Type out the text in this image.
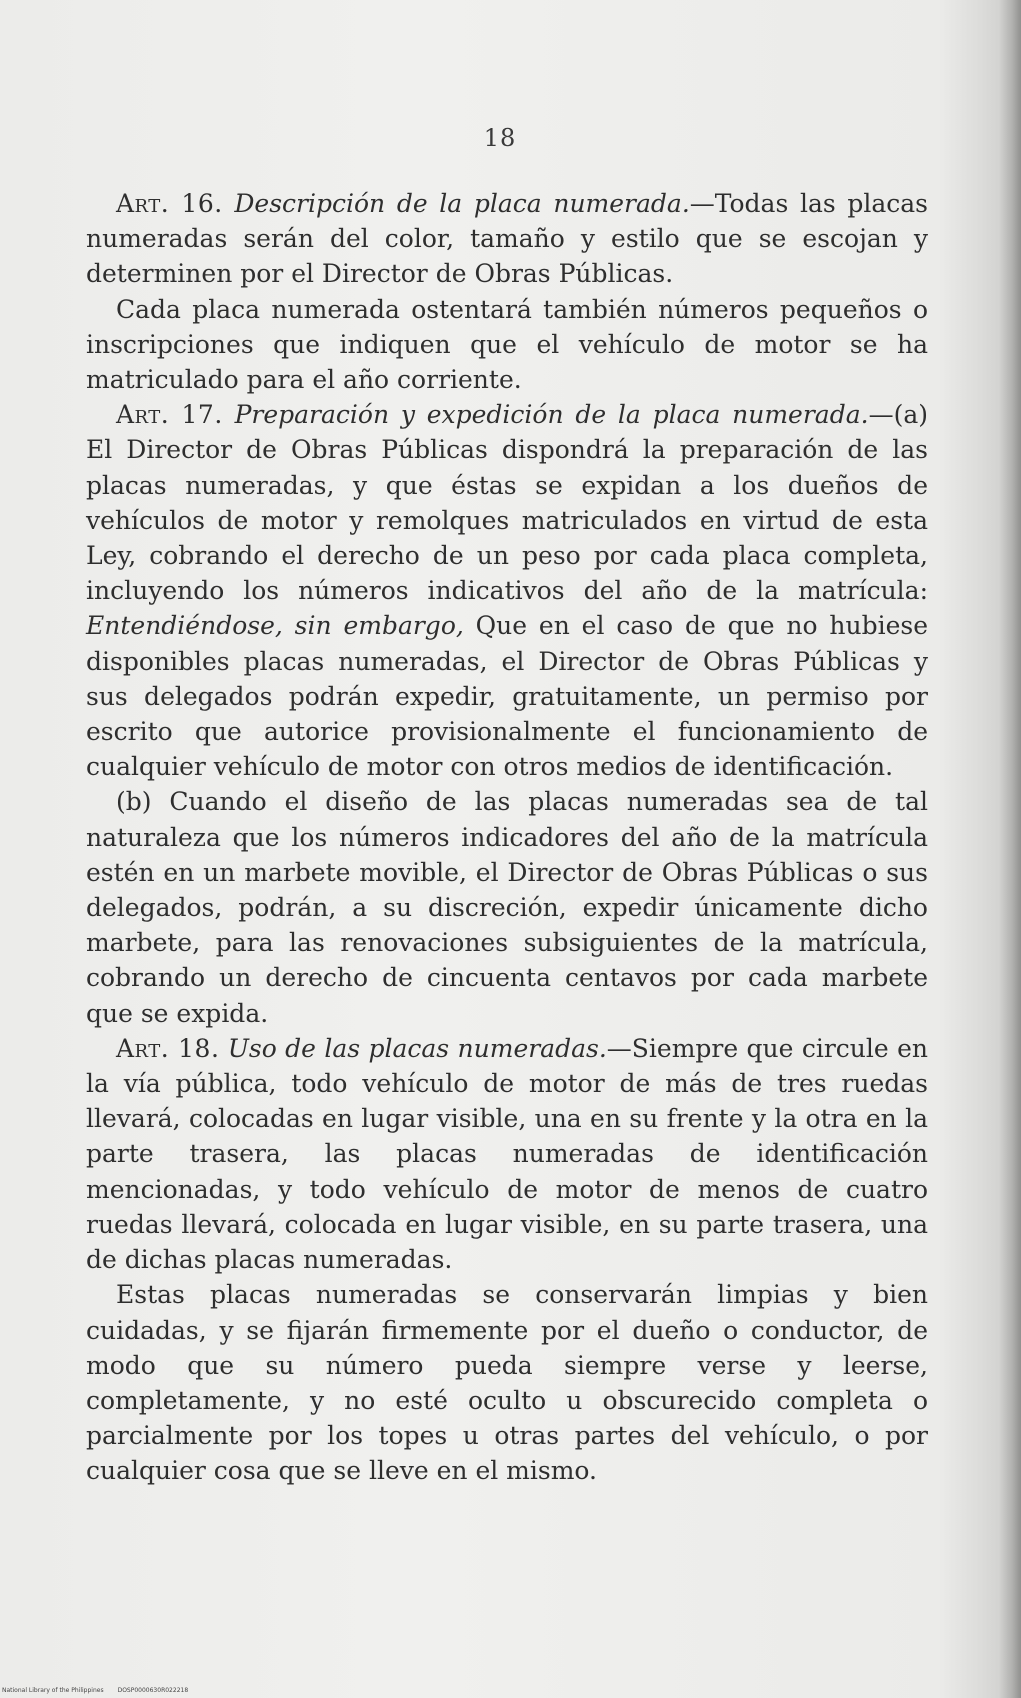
18

Art. 16. Descripción de la placa numerada.—Todas las placas numeradas serán del color, tamaño y estilo que se escojan y determinen por el Director de Obras Públicas.

Cada placa numerada ostentará también números pequeños o inscripciones que indiquen que el vehículo de motor se ha matriculado para el año corriente.

Art. 17. Preparación y expedición de la placa numerada.—(a) El Director de Obras Públicas dispondrá la preparación de las placas numeradas, y que éstas se expidan a los dueños de vehículos de motor y remolques matriculados en virtud de esta Ley, cobrando el derecho de un peso por cada placa completa, incluyendo los números indicativos del año de la matrícula: Entendiéndose, sin embargo, Que en el caso de que no hubiese disponibles placas numeradas, el Director de Obras Públicas y sus delegados podrán expedir, gratuitamente, un permiso por escrito que autorice provisionalmente el funcionamiento de cualquier vehículo de motor con otros medios de identificación.

(b) Cuando el diseño de las placas numeradas sea de tal naturaleza que los números indicadores del año de la matrícula estén en un marbete movible, el Director de Obras Públicas o sus delegados, podrán, a su discreción, expedir únicamente dicho marbete, para las renovaciones subsiguientes de la matrícula, cobrando un derecho de cincuenta centavos por cada marbete que se expida.

Art. 18. Uso de las placas numeradas.—Siempre que circule en la vía pública, todo vehículo de motor de más de tres ruedas llevará, colocadas en lugar visible, una en su frente y la otra en la parte trasera, las placas numeradas de identificación mencionadas, y todo vehículo de motor de menos de cuatro ruedas llevará, colocada en lugar visible, en su parte trasera, una de dichas placas numeradas.

Estas placas numeradas se conservarán limpias y bien cuidadas, y se fijarán firmemente por el dueño o conductor, de modo que su número pueda siempre verse y leerse, completamente, y no esté oculto u obscurecido completa o parcialmente por los topes u otras partes del vehículo, o por cualquier cosa que se lleve en el mismo.

National Library of the Philippines DOSP0000630R022218
